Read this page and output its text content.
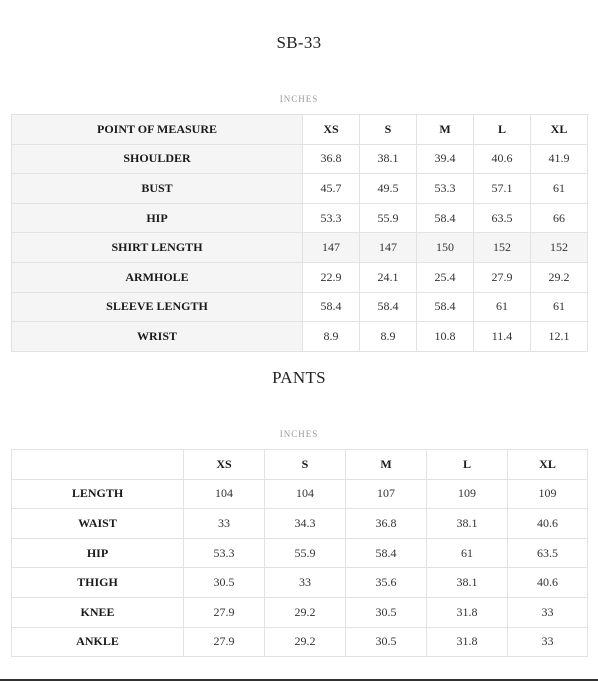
SB-33
INCHES
POINT OF MEASURE	XS	S	M	L	XL
SHOULDER	36.8	38.1	39.4	40.6	41.9
BUST	45.7	49.5	53.3	57.1	61
HIP	53.3	55.9	58.4	63.5	66
SHIRT LENGTH	147	147	150	152	152
ARMHOLE	22.9	24.1	25.4	27.9	29.2
SLEEVE LENGTH	58.4	58.4	58.4	61	61
WRIST	8.9	8.9	10.8	11.4	12.1
PANTS
INCHES
	XS	S	M	L	XL
LENGTH	104	104	107	109	109
WAIST	33	34.3	36.8	38.1	40.6
HIP	53.3	55.9	58.4	61	63.5
THIGH	30.5	33	35.6	38.1	40.6
KNEE	27.9	29.2	30.5	31.8	33
ANKLE	27.9	29.2	30.5	31.8	33
